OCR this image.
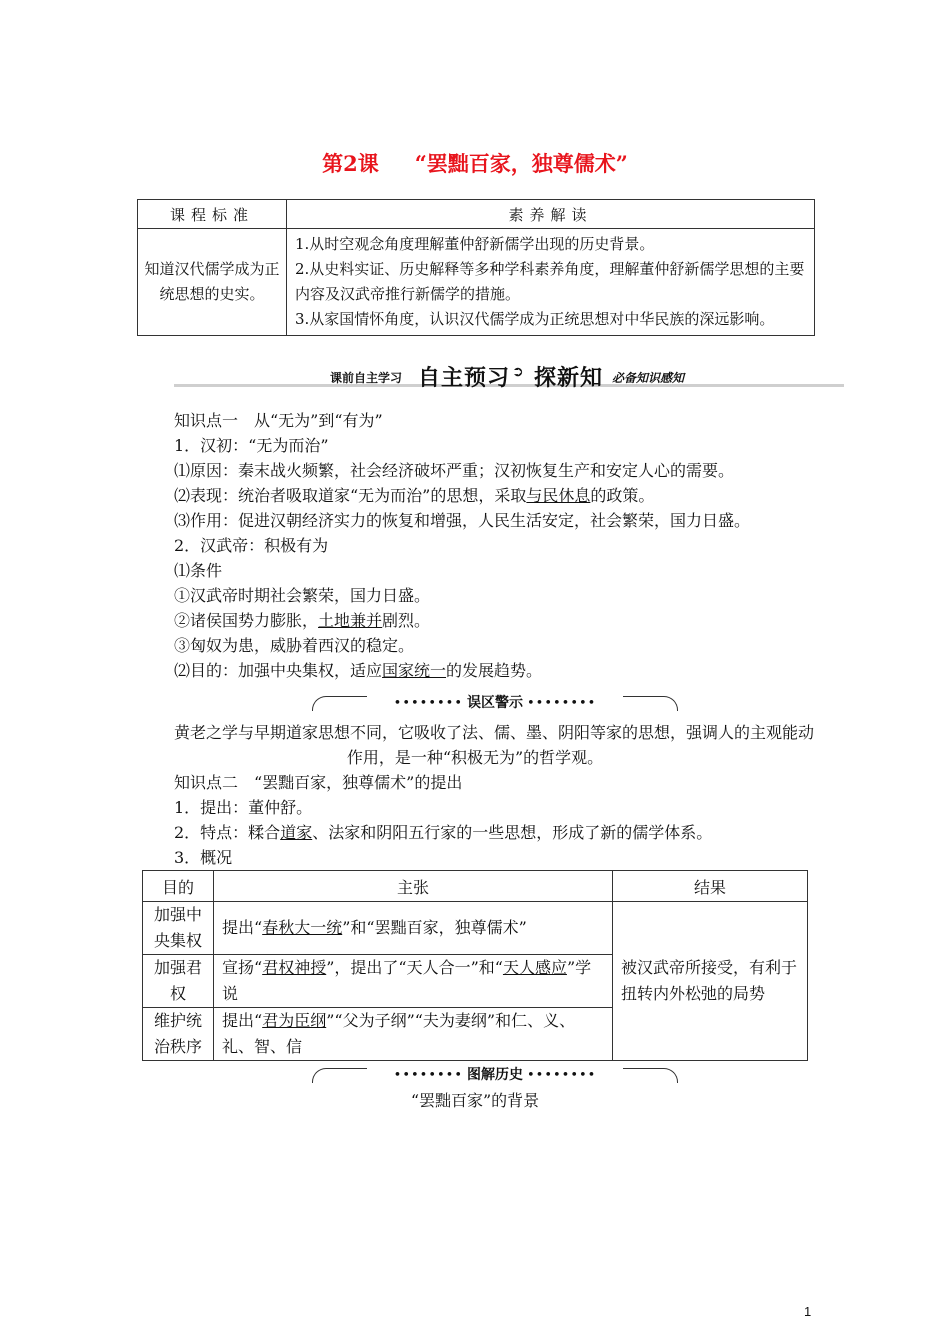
第2课 “罢黜百家，独尊儒术”
课程标准	素养解读
知道汉代儒学成为正统思想的史实。	1.从时空观念角度理解董仲舒新儒学出现的历史背景。
2.从史料实证、历史解释等多种学科素养角度，理解董仲舒新儒学思想的主要内容及汉武帝推行新儒学的措施。
3.从家国情怀角度，认识汉代儒学成为正统思想对中华民族的深远影响。
课前自主学习 自主预习 ➲ 探新知 必备知识感知
知识点一　从“无为”到“有为”
1．汉初：“无为而治”
⑴原因：秦末战火频繁，社会经济破坏严重；汉初恢复生产和安定人心的需要。
⑵表现：统治者吸取道家“无为而治”的思想，采取与民休息的政策。
⑶作用：促进汉朝经济实力的恢复和增强，人民生活安定，社会繁荣，国力日盛。
2．汉武帝：积极有为
⑴条件
①汉武帝时期社会繁荣，国力日盛。
②诸侯国势力膨胀，土地兼并剧烈。
③匈奴为患，威胁着西汉的稳定。
⑵目的：加强中央集权，适应国家统一的发展趋势。
•••••••• 误区警示 ••••••••
黄老之学与早期道家思想不同，它吸收了法、儒、墨、阴阳等家的思想，强调人的主观能动
作用，是一种“积极无为”的哲学观。
知识点二　“罢黜百家，独尊儒术”的提出
1．提出：董仲舒。
2．特点：糅合道家、法家和阴阳五行家的一些思想，形成了新的儒学体系。
3．概况
目的	主张	结果
加强中央集权	提出“春秋大一统”和“罢黜百家，独尊儒术”	被汉武帝所接受，有利于扭转内外松弛的局势
加强君权	宣扬“君权神授”，提出了“天人合一”和“天人感应”学说	
维护统治秩序	提出“君为臣纲”“父为子纲”“夫为妻纲”和仁、义、礼、智、信	
•••••••• 图解历史 ••••••••
“罢黜百家”的背景
1
